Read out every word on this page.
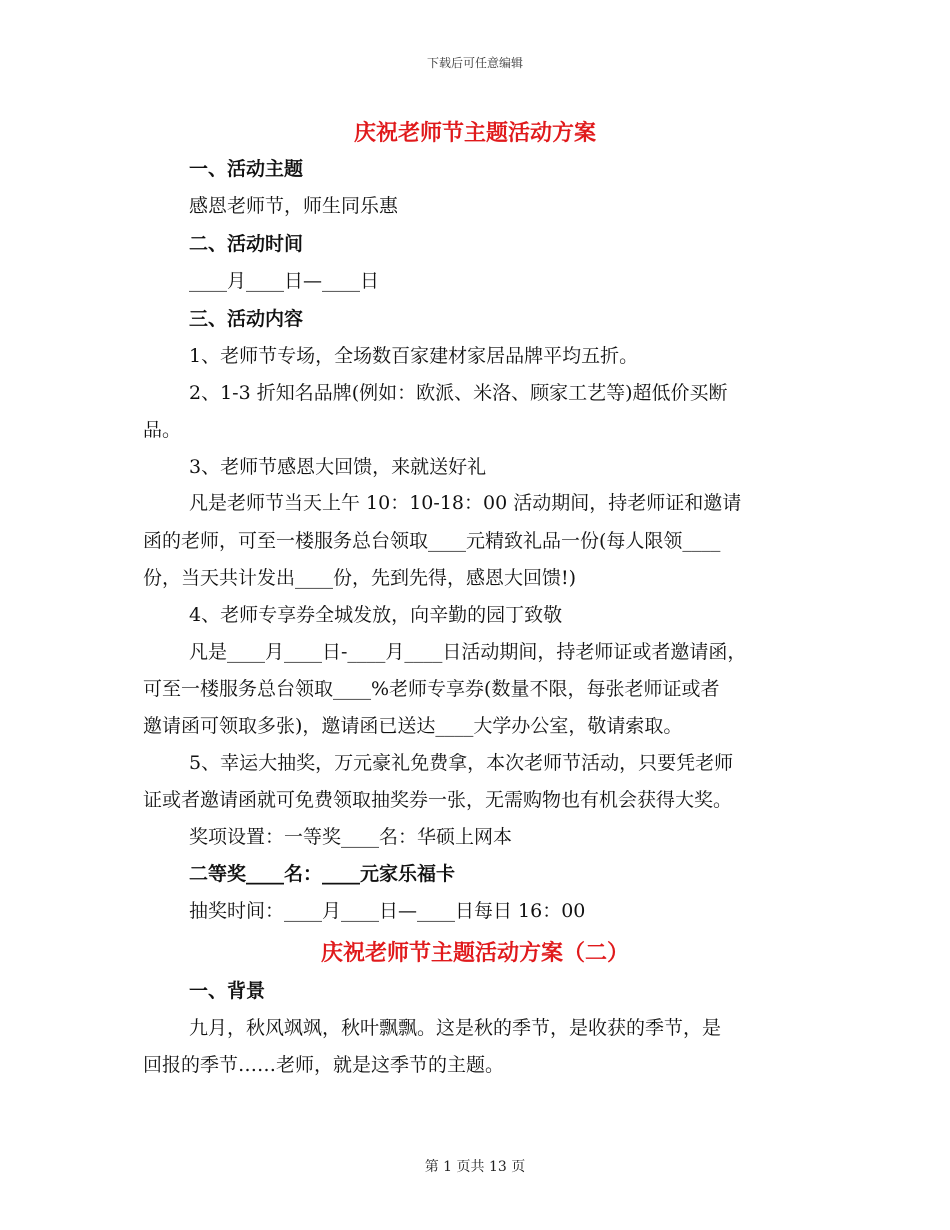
下载后可任意编辑
庆祝老师节主题活动方案
一、活动主题
感恩老师节，师生同乐惠
二、活动时间
____月____日—____日
三、活动内容
1、老师节专场，全场数百家建材家居品牌平均五折。
2、1-3 折知名品牌(例如：欧派、米洛、顾家工艺等)超低价买断
品。
3、老师节感恩大回馈，来就送好礼
凡是老师节当天上午 10：10-18：00 活动期间，持老师证和邀请
函的老师，可至一楼服务总台领取____元精致礼品一份(每人限领____
份，当天共计发出____份，先到先得，感恩大回馈!)
4、老师专享券全城发放，向辛勤的园丁致敬
凡是____月____日-____月____日活动期间，持老师证或者邀请函，
可至一楼服务总台领取____%老师专享券(数量不限，每张老师证或者
邀请函可领取多张)，邀请函已送达____大学办公室，敬请索取。
5、幸运大抽奖，万元豪礼免费拿，本次老师节活动，只要凭老师
证或者邀请函就可免费领取抽奖券一张，无需购物也有机会获得大奖。
奖项设置：一等奖____名：华硕上网本
二等奖____名：____元家乐福卡
抽奖时间：____月____日—____日每日 16：00
庆祝老师节主题活动方案（二）
一、背景
九月，秋风飒飒，秋叶飘飘。这是秋的季节，是收获的季节，是
回报的季节……老师，就是这季节的主题。
第 1 页共 13 页
